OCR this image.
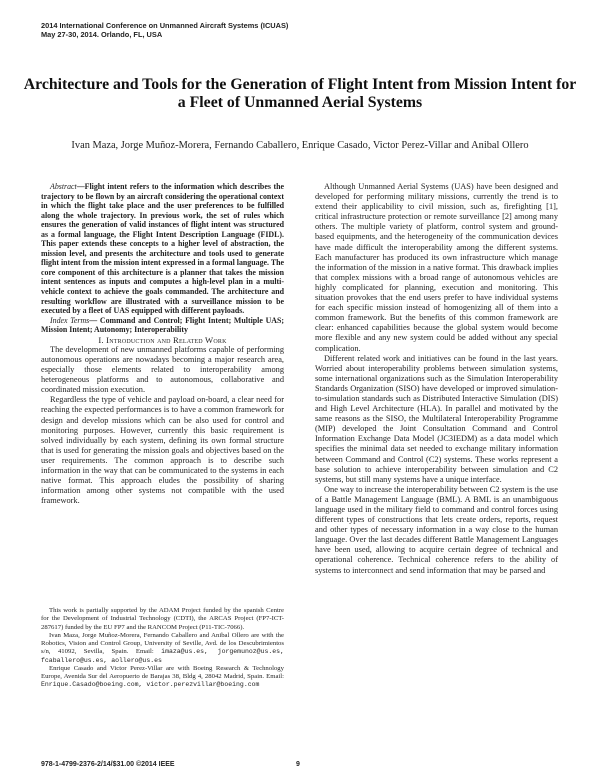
2014 International Conference on Unmanned Aircraft Systems (ICUAS)
May 27-30, 2014. Orlando, FL, USA
Architecture and Tools for the Generation of Flight Intent from Mission Intent for a Fleet of Unmanned Aerial Systems
Ivan Maza, Jorge Muñoz-Morera, Fernando Caballero, Enrique Casado, Victor Perez-Villar and Anibal Ollero

Abstract—Flight intent refers to the information which describes the trajectory to be flown by an aircraft considering the operational context in which the flight take place and the user preferences to be fulfilled along the whole trajectory. In previous work, the set of rules which ensures the generation of valid instances of flight intent was structured as a formal language, the Flight Intent Description Language (FIDL). This paper extends these concepts to a higher level of abstraction, the mission level, and presents the architecture and tools used to generate flight intent from the mission intent expressed in a formal language. The core component of this architecture is a planner that takes the mission intent sentences as inputs and computes a high-level plan in a multi-vehicle context to achieve the goals commanded. The architecture and resulting workflow are illustrated with a surveillance mission to be executed by a fleet of UAS equipped with different payloads.

Index Terms— Command and Control; Flight Intent; Multiple UAS; Mission Intent; Autonomy; Interoperability

I. Introduction and Related Work

The development of new unmanned platforms capable of performing autonomous operations are nowadays becoming a major research area, especially those elements related to interoperability among heterogeneous platforms and to autonomous, collaborative and coordinated mission execution.

Regardless the type of vehicle and payload on-board, a clear need for reaching the expected performances is to have a common framework for design and develop missions which can be also used for control and monitoring purposes. However, currently this basic requirement is solved individually by each system, defining its own formal structure that is used for generating the mission goals and objectives based on the user requirements. The common approach is to describe such information in the way that can be communicated to the systems in each native format. This approach eludes the possibility of sharing information among other systems not compatible with the used framework.

This work is partially supported by the ADAM Project funded by the spanish Centre for the Development of Industrial Technology (CDTI), the ARCAS Project (FP7-ICT-287617) funded by the EU FP7 and the RANCOM Project (P11-TIC-7066).

Ivan Maza, Jorge Muñoz-Morera, Fernando Caballero and Anibal Ollero are with the Robotics, Vision and Control Group, University of Seville, Avd. de los Descubrimientos s/n, 41092, Sevilla, Spain. Email: imaza@us.es, jorgemunoz@us.es, fcaballero@us.es, aollero@us.es

Enrique Casado and Victor Perez-Villar are with Boeing Research & Technology Europe, Avenida Sur del Aeropuerto de Barajas 38, Bldg 4, 28042 Madrid, Spain. Email: Enrique.Casado@boeing.com, victor.perezvillar@boeing.com

Although Unmanned Aerial Systems (UAS) have been designed and developed for performing military missions, currently the trend is to extend their applicability to civil mission, such as, firefighting [1], critical infrastructure protection or remote surveillance [2] among many others. The multiple variety of platform, control system and ground-based equipments, and the heterogeneity of the communication devices have made difficult the interoperability among the different systems. Each manufacturer has produced its own infrastructure which manage the information of the mission in a native format. This drawback implies that complex missions with a broad range of autonomous vehicles are highly complicated for planning, execution and monitoring. This situation provokes that the end users prefer to have individual systems for each specific mission instead of homogenizing all of them into a common framework. But the benefits of this common framework are clear: enhanced capabilities because the global system would become more flexible and any new system could be added without any special complication.

Different related work and initiatives can be found in the last years. Worried about interoperability problems between simulation systems, some international organizations such as the Simulation Interoperability Standards Organization (SISO) have developed or improved simulation-to-simulation standards such as Distributed Interactive Simulation (DIS) and High Level Architecture (HLA). In parallel and motivated by the same reasons as the SISO, the Multilateral Interoperability Programme (MIP) developed the Joint Consultation Command and Control Information Exchange Data Model (JC3IEDM) as a data model which specifies the minimal data set needed to exchange military information between Command and Control (C2) systems. These works represent a base solution to achieve interoperability between simulation and C2 systems, but still many systems have a unique interface.

One way to increase the interoperability between C2 system is the use of a Battle Management Language (BML). A BML is an unambiguous language used in the military field to command and control forces using different types of constructions that lets create orders, reports, request and other types of necessary information in a way close to the human language. Over the last decades different Battle Management Languages have been used, allowing to acquire certain degree of technical and operational coherence. Technical coherence refers to the ability of systems to interconnect and send information that may be parsed and

978-1-4799-2376-2/14/$31.00 ©2014 IEEE	9
